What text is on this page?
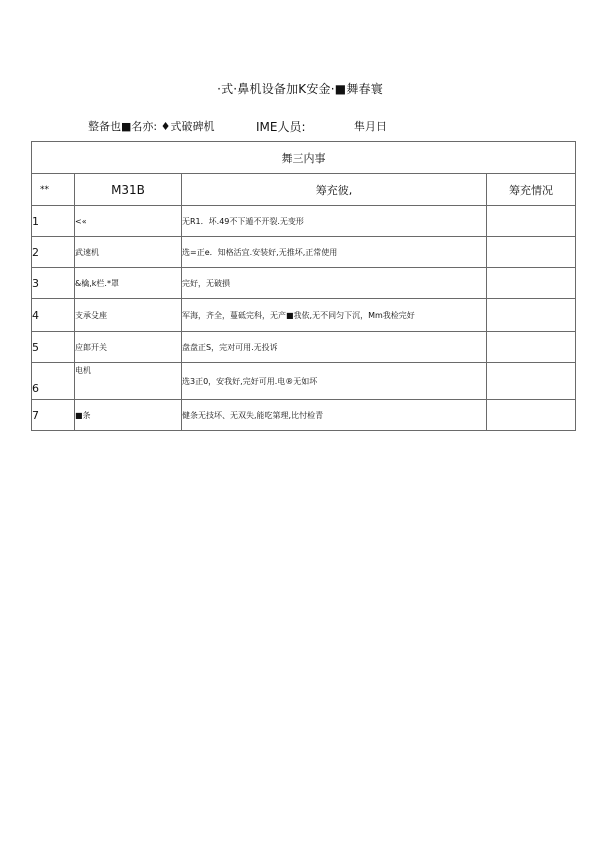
·式·鼻机设备加K安金·■舞春寰
整备也■名亦: ♦式破碑机	IME人员:	隼月日
舞三内事			
**	M31B	筹充彼,	筹充情况
1	<«	无R1．坏.49不下遁不开裂.无变形	
2	武速机	选=正e．知格活宜.安装好,无推坏,正常使用	
3	&檎,k栏.*罩	完好，无破損	
4	支承殳座	军海，齐全，蔓砥完科，无产■我依,无不同匀下沉，Mm我检完好	
5	应郎开关	盘盘正S，完对可用.无投诉	
6	电机	选3正0，安我好,完好可用.电®无如坏	
7	■条	健条无技坏、无双失,能吃第理,比忖检青	
